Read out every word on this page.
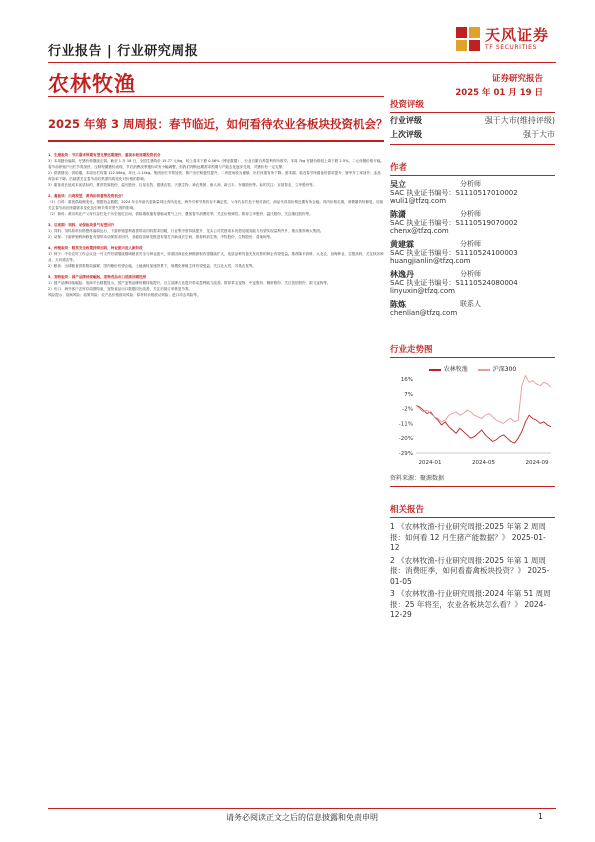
行业报告 | 行业研究周报
天风证券
TF SECURITIES
农林牧渔	证券研究报告
2025 年 01 月 19 日
2025 年第 3 周周报：春节临近，如何看待农业各板块投资机会？

1、生猪板块：节后需求预期有望支撑远期猪价，重视本轮周期投资机会

1）本周猪价偏弱，仔猪价格继续走弱。截至 1 月 18 日，全国生猪均价 15.77 元/kg，较上周末下跌 0.56%（博亚数据），行业自繁自养盈利有所收窄。本周 7kg 仔猪价格较上周下跌 2.5%。二元母猪价格平稳。春节前养殖户出栏节奏加快，压制短期猪价表现，节后消费淡季猪价或有小幅调整，但我们判断远期需求预期与产能去化逐步兑现，对猪价有一定支撑。

2）供需情况：供给端，本周出栏均重 122.56kg，环比 -1.14kg。集团出栏节奏加快，散户出栏积极性提升，二育进场较为谨慎，出栏体重有所下降。需求端，临近春节终端备货需求提升，屠宰开工率回升；冻品库容率下降。后续需关注春节前后供需结构变化对价格的影响。

3）重视成长低成本优质标的，推荐牧原股份、温氏股份、巨星农牧、德康农牧、天康生物、神农集团、唐人神、新五丰、东瑞股份等。标的关注：京基智农、立华股份等。

2、禽板块：白鸡观望，黄鸡如何看待投资机会？

（1）白鸡：重视供给侧变化。根据协会数据，2024 年全年祖代更新量同比有所变化，海外引种节奏仍存不确定性，父母代存栏处于相对高位，商品代鸡苗价格近期有所企稳。鸡肉价格走弱，消费端仍待修复，后续关注春节前后终端需求变化及引种节奏对景气度的影响。

（2）黄鸡：黄羽鸡在产父母代存栏处于历史低位区间，供给端收缩有望驱动景气上行，叠加春节消费旺季，关注价格弹性。推荐立华股份、温氏股份，关注湘佳股份等。

3、后周期：饲料、动保板块景气有望回升

1）饲料：饲料原料价格整体偏弱运行，下游养殖盈利改善带动饲料需求回暖，行业集中度持续提升，龙头公司凭借成本优势及服务能力有望实现量利齐升，重点推荐海大集团。

2）动保：下游养殖利润修复有望带动动保需求回升，非瘟疫苗研发推进有望打开新成长空间，推荐科前生物、中牧股份、生物股份、普莱柯等。

4、种植板块：粮食安全政策持续加码，种业振兴进入新阶段

1）种子：中央农村工作会议及一号文件有望继续强调粮食安全与种业振兴，转基因商业化种植面积有望继续扩大，优质品种具备先发优势的种企有望受益。推荐隆平高科、大北农、登海种业、荃银高科，关注秋乐种业、万向德农等。

2）粮食：全球粮食供需格局偏紧，国内粮价有望企稳，土地流转加速背景下，规模化种植主体有望受益，关注北大荒、苏垦农发等。

5、宠物板块：国产品牌持续崛起，宠物食品出口延续回暖趋势

1）国产品牌持续崛起：电商平台数据显示，国产宠物品牌份额持续提升，自主品牌占比提升带动盈利能力改善。推荐乖宝宠物、中宠股份、佩蒂股份，关注依依股份、源飞宠物等。

2）出口：海外客户去库存周期结束，宠物食品出口数据同比改善，关注后续订单恢复节奏。

风险提示：疫病风险；政策风险；农产品价格波动风险；原材料价格波动风险；进口冲击风险等。

投资评级
行业评级	强于大市(维持评级)
上次评级	强于大市
作者
吴立	分析师
SAC 执业证书编号：S1110517010002
wuli1@tfzq.com
陈潇	分析师
SAC 执业证书编号：S1110519070002
chenx@tfzq.com
黄建霖	分析师
SAC 执业证书编号：S1110524100003
huangjianlin@tfzq.com
林逸丹	分析师
SAC 执业证书编号：S1110524080004
linyuxin@tfzq.com
陈炼	联系人
chenlian@tfzq.com
行业走势图
农林牧渔	沪深300
16%
7%
-2%
-11%
-20%
-29%
2024-01	2024-05	2024-09
资料来源：聚源数据
相关报告
1 《农林牧渔-行业研究周报:2025 年第 2 周周报：如何看 12 月生猪产能数据？》 2025-01-12
2 《农林牧渔-行业研究周报:2025 年第 1 周周报：消费旺季，如何看畜禽板块投资？》 2025-01-05
3 《农林牧渔-行业研究周报:2024 年第 51 周周报：25 年将至，农业各板块怎么看？》 2024-12-29
请务必阅读正文之后的信息披露和免责申明	1
